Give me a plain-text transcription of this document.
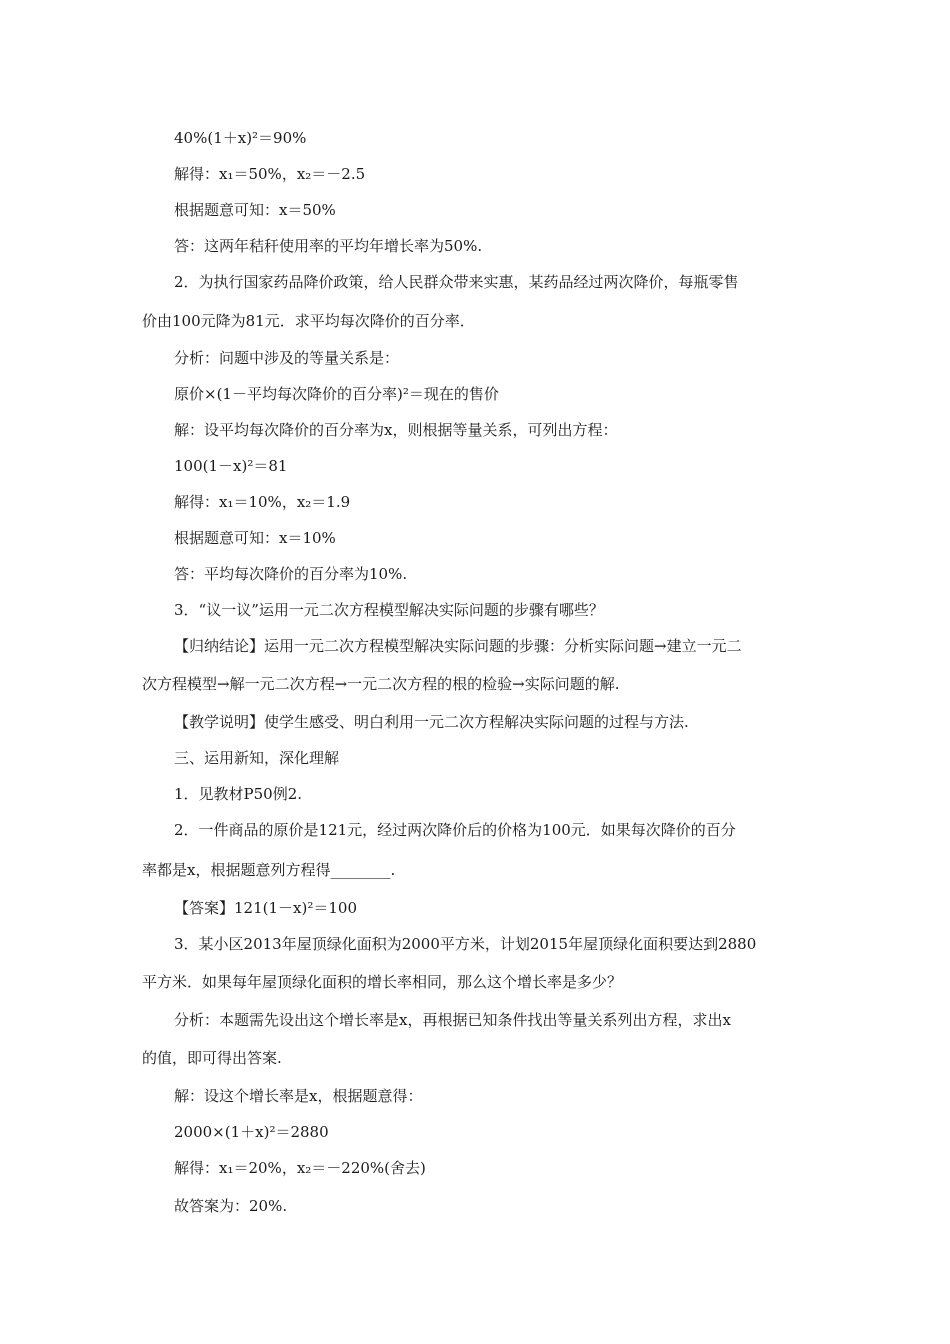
40%(1＋x)²＝90%
解得：x₁＝50%，x₂＝－2.5
根据题意可知：x＝50%
答：这两年秸秆使用率的平均年增长率为50%.
2．为执行国家药品降价政策，给人民群众带来实惠，某药品经过两次降价，每瓶零售
价由100元降为81元．求平均每次降价的百分率．
分析：问题中涉及的等量关系是：
原价×(1－平均每次降价的百分率)²＝现在的售价
解：设平均每次降价的百分率为x，则根据等量关系，可列出方程：
100(1－x)²＝81
解得：x₁＝10%，x₂＝1.9
根据题意可知：x＝10%
答：平均每次降价的百分率为10%.
3．“议一议”运用一元二次方程模型解决实际问题的步骤有哪些？
【归纳结论】运用一元二次方程模型解决实际问题的步骤：分析实际问题→建立一元二
次方程模型→解一元二次方程→一元二次方程的根的检验→实际问题的解.
【教学说明】使学生感受、明白利用一元二次方程解决实际问题的过程与方法.
三、运用新知，深化理解
1．见教材P50例2.
2．一件商品的原价是121元，经过两次降价后的价格为100元．如果每次降价的百分
率都是x，根据题意列方程得________.
【答案】121(1－x)²＝100
3．某小区2013年屋顶绿化面积为2000平方米，计划2015年屋顶绿化面积要达到2880
平方米．如果每年屋顶绿化面积的增长率相同，那么这个增长率是多少？
分析：本题需先设出这个增长率是x，再根据已知条件找出等量关系列出方程，求出x
的值，即可得出答案.
解：设这个增长率是x，根据题意得：
2000×(1＋x)²＝2880
解得：x₁＝20%，x₂＝－220%(舍去)
故答案为：20%.
